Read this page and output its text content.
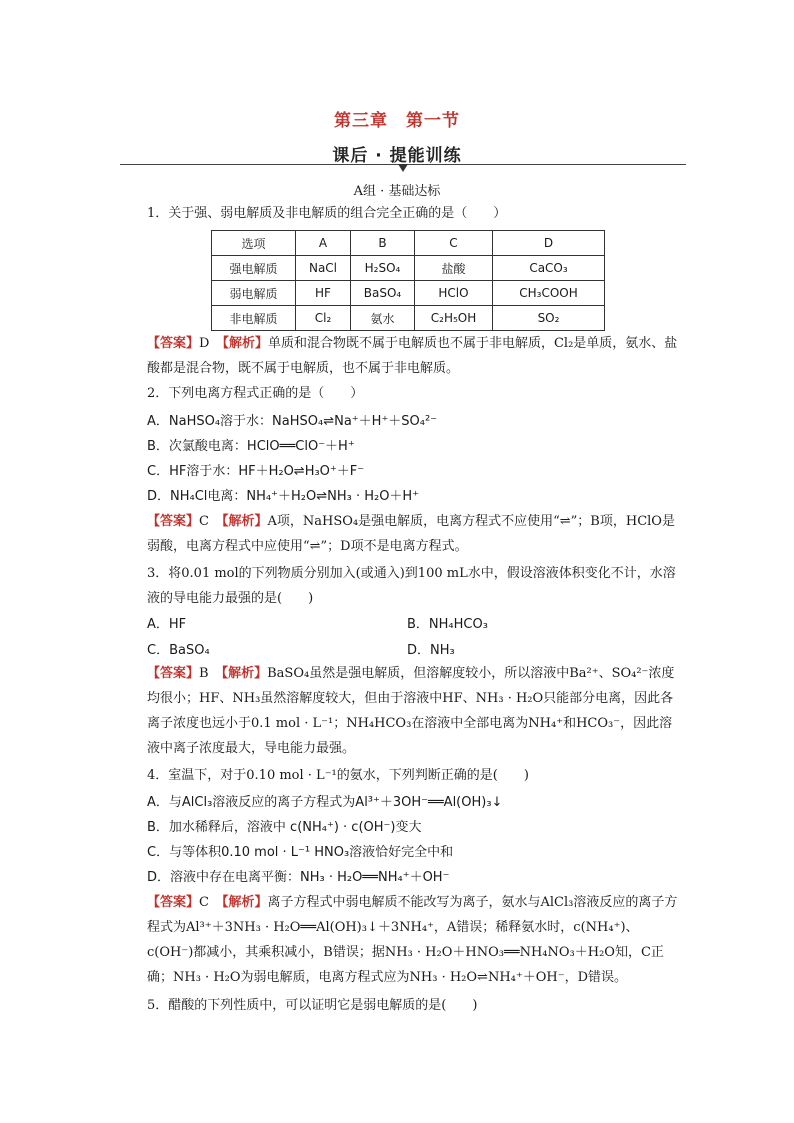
第三章　第一节
课后 · 提能训练
A组 · 基础达标
1．关于强、弱电解质及非电解质的组合完全正确的是（　　）
选项	A	B	C	D
强电解质	NaCl	H₂SO₄	盐酸	CaCO₃
弱电解质	HF	BaSO₄	HClO	CH₃COOH
非电解质	Cl₂	氨水	C₂H₅OH	SO₂
【答案】D　 【解析】单质和混合物既不属于电解质也不属于非电解质，Cl₂是单质，氨水、盐酸都是混合物，既不属于电解质，也不属于非电解质。
2．下列电离方程式正确的是（　　）
A．NaHSO₄溶于水：NaHSO₄⇌Na⁺＋H⁺＋SO₄²⁻
B．次氯酸电离：HClO══ClO⁻＋H⁺
C．HF溶于水：HF＋H₂O⇌H₃O⁺＋F⁻
D．NH₄Cl电离：NH₄⁺＋H₂O⇌NH₃ · H₂O＋H⁺
【答案】C　 【解析】A项，NaHSO₄是强电解质，电离方程式不应使用“⇌”；B项，HClO是弱酸，电离方程式中应使用“⇌”；D项不是电离方程式。
3．将0.01 mol的下列物质分别加入(或通入)到100 mL水中，假设溶液体积变化不计，水溶液的导电能力最强的是(　　)
A．HF	B．NH₄HCO₃
C．BaSO₄	D．NH₃
【答案】B　 【解析】BaSO₄虽然是强电解质，但溶解度较小，所以溶液中Ba²⁺、SO₄²⁻浓度均很小；HF、NH₃虽然溶解度较大，但由于溶液中HF、NH₃ · H₂O只能部分电离，因此各离子浓度也远小于0.1 mol · L⁻¹；NH₄HCO₃在溶液中全部电离为NH₄⁺和HCO₃⁻，因此溶液中离子浓度最大，导电能力最强。
4．室温下，对于0.10 mol · L⁻¹的氨水，下列判断正确的是(　　)
A．与AlCl₃溶液反应的离子方程式为Al³⁺＋3OH⁻══Al(OH)₃↓
B．加水稀释后，溶液中 c(NH₄⁺) · c(OH⁻)变大
C．与等体积0.10 mol · L⁻¹ HNO₃溶液恰好完全中和
D．溶液中存在电离平衡：NH₃ · H₂O══NH₄⁺＋OH⁻
【答案】C　 【解析】离子方程式中弱电解质不能改写为离子，氨水与AlCl₃溶液反应的离子方程式为Al³⁺＋3NH₃ · H₂O══Al(OH)₃↓＋3NH₄⁺，A错误；稀释氨水时，c(NH₄⁺)、c(OH⁻)都减小，其乘积减小，B错误；据NH₃ · H₂O＋HNO₃══NH₄NO₃＋H₂O知，C正确；NH₃ · H₂O为弱电解质，电离方程式应为NH₃ · H₂O⇌NH₄⁺＋OH⁻，D错误。
5．醋酸的下列性质中，可以证明它是弱电解质的是(　　)
